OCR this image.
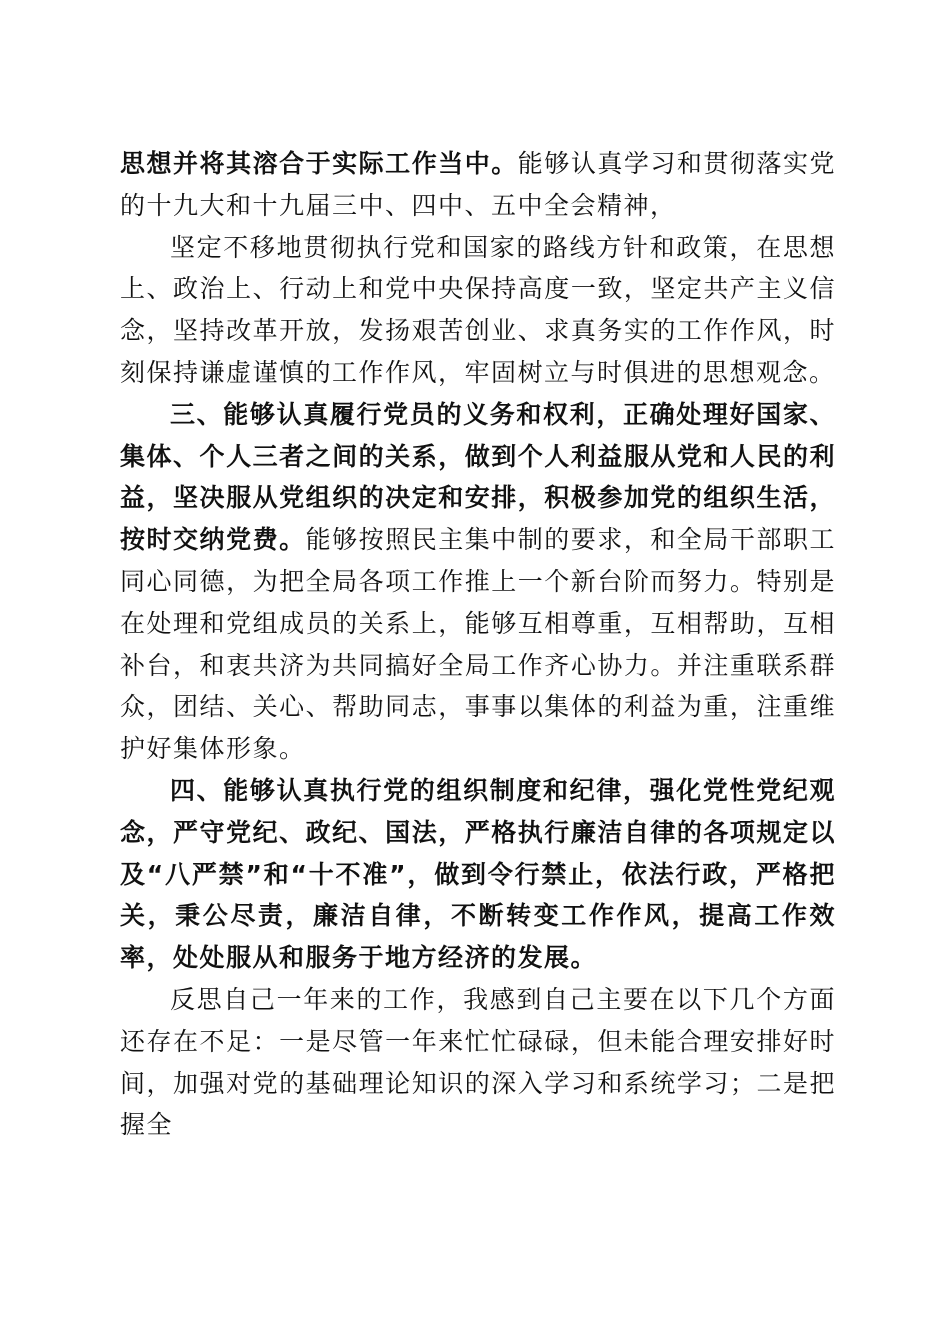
思想并将其溶合于实际工作当中。能够认真学习和贯彻落实党的十九大和十九届三中、四中、五中全会精神，

坚定不移地贯彻执行党和国家的路线方针和政策，在思想上、政治上、行动上和党中央保持高度一致，坚定共产主义信念，坚持改革开放，发扬艰苦创业、求真务实的工作作风，时刻保持谦虚谨慎的工作作风，牢固树立与时俱进的思想观念。

三、能够认真履行党员的义务和权利，正确处理好国家、集体、个人三者之间的关系，做到个人利益服从党和人民的利益，坚决服从党组织的决定和安排，积极参加党的组织生活，按时交纳党费。能够按照民主集中制的要求，和全局干部职工同心同德，为把全局各项工作推上一个新台阶而努力。特别是在处理和党组成员的关系上，能够互相尊重，互相帮助，互相补台，和衷共济为共同搞好全局工作齐心协力。并注重联系群众，团结、关心、帮助同志，事事以集体的利益为重，注重维护好集体形象。

四、能够认真执行党的组织制度和纪律，强化党性党纪观念，严守党纪、政纪、国法，严格执行廉洁自律的各项规定以及“八严禁”和“十不准”，做到令行禁止，依法行政，严格把关，秉公尽责，廉洁自律，不断转变工作作风，提高工作效率，处处服从和服务于地方经济的发展。

反思自己一年来的工作，我感到自己主要在以下几个方面还存在不足：一是尽管一年来忙忙碌碌，但未能合理安排好时间，加强对党的基础理论知识的深入学习和系统学习；二是把握全
